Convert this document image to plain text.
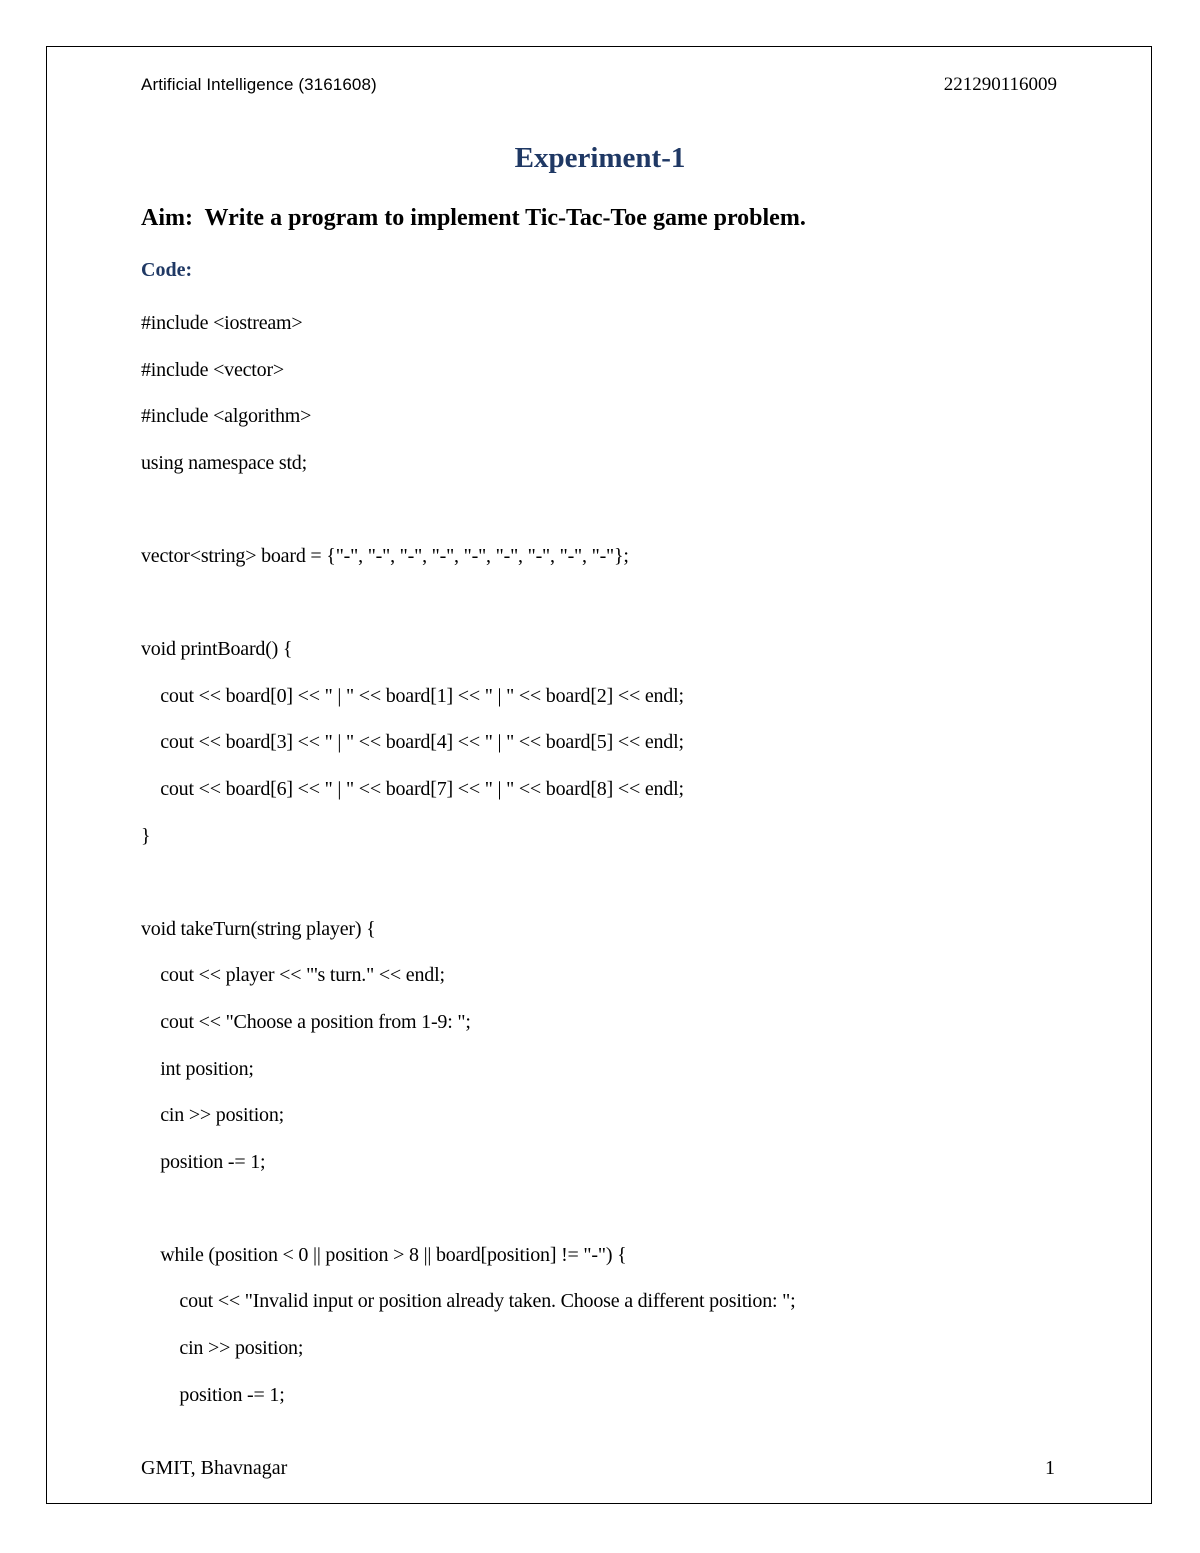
Artificial Intelligence (3161608)	221290116009
Experiment-1
Aim:  Write a program to implement Tic-Tac-Toe game problem.
Code:
#include <iostream>
#include <vector>
#include <algorithm>
using namespace std;
vector<string> board = {"-", "-", "-", "-", "-", "-", "-", "-", "-"};
void printBoard() {
cout << board[0] << " | " << board[1] << " | " << board[2] << endl;
cout << board[3] << " | " << board[4] << " | " << board[5] << endl;
cout << board[6] << " | " << board[7] << " | " << board[8] << endl;
}
void takeTurn(string player) {
cout << player << "'s turn." << endl;
cout << "Choose a position from 1-9: ";
int position;
cin >> position;
position -= 1;
while (position < 0 || position > 8 || board[position] != "-") {
cout << "Invalid input or position already taken. Choose a different position: ";
cin >> position;
position -= 1;
GMIT, Bhavnagar	1
